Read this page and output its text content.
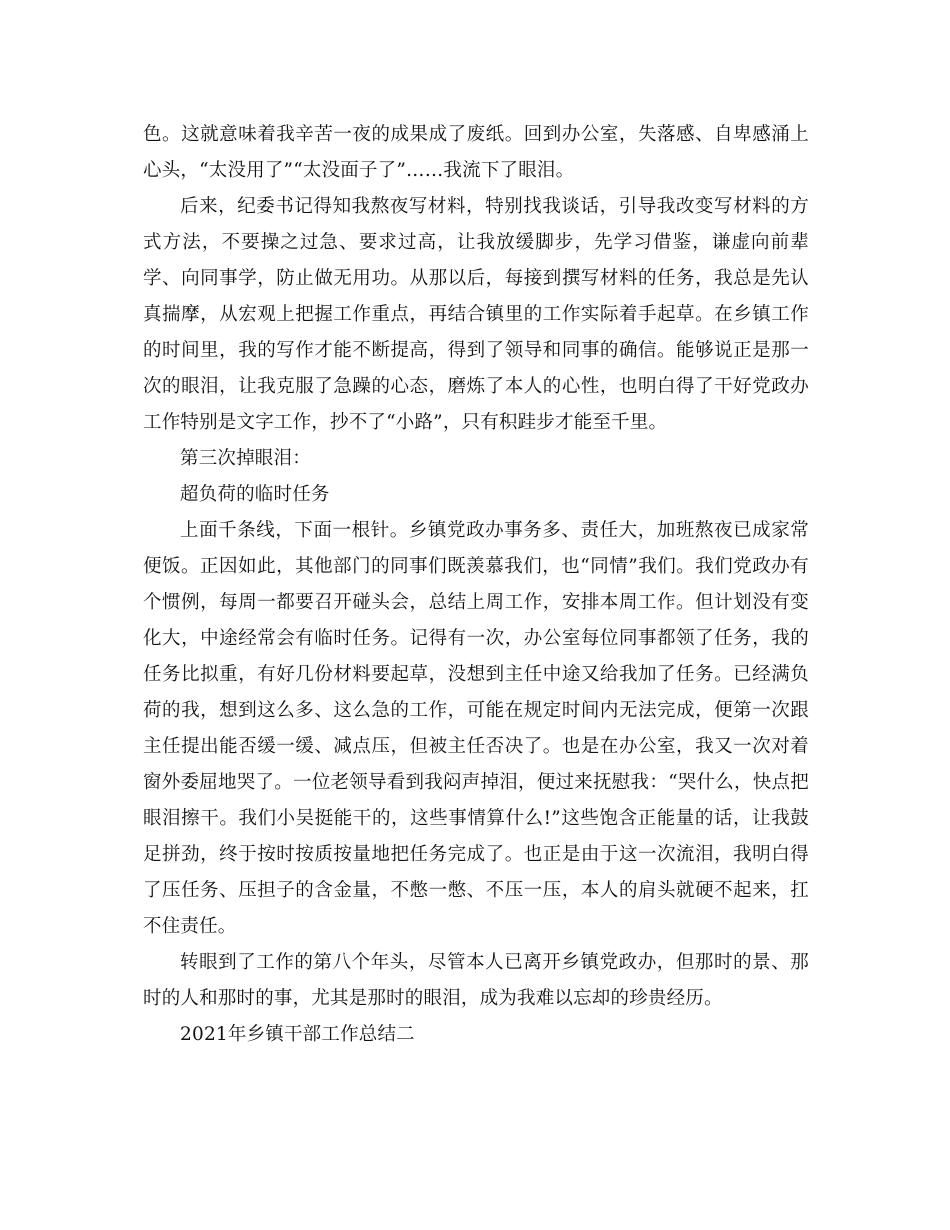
色。这就意味着我辛苦一夜的成果成了废纸。回到办公室，失落感、自卑感涌上心头，“太没用了”“太没面子了”……我流下了眼泪。

后来，纪委书记得知我熬夜写材料，特别找我谈话，引导我改变写材料的方式方法，不要操之过急、要求过高，让我放缓脚步，先学习借鉴，谦虚向前辈学、向同事学，防止做无用功。从那以后，每接到撰写材料的任务，我总是先认真揣摩，从宏观上把握工作重点，再结合镇里的工作实际着手起草。在乡镇工作的时间里，我的写作才能不断提高，得到了领导和同事的确信。能够说正是那一次的眼泪，让我克服了急躁的心态，磨炼了本人的心性，也明白得了干好党政办工作特别是文字工作，抄不了“小路”，只有积跬步才能至千里。

第三次掉眼泪：

超负荷的临时任务

上面千条线，下面一根针。乡镇党政办事务多、责任大，加班熬夜已成家常便饭。正因如此，其他部门的同事们既羡慕我们，也“同情”我们。我们党政办有个惯例，每周一都要召开碰头会，总结上周工作，安排本周工作。但计划没有变化大，中途经常会有临时任务。记得有一次，办公室每位同事都领了任务，我的任务比拟重，有好几份材料要起草，没想到主任中途又给我加了任务。已经满负荷的我，想到这么多、这么急的工作，可能在规定时间内无法完成，便第一次跟主任提出能否缓一缓、减点压，但被主任否决了。也是在办公室，我又一次对着窗外委屈地哭了。一位老领导看到我闷声掉泪，便过来抚慰我：“哭什么，快点把眼泪擦干。我们小吴挺能干的，这些事情算什么!”这些饱含正能量的话，让我鼓足拼劲，终于按时按质按量地把任务完成了。也正是由于这一次流泪，我明白得了压任务、压担子的含金量，不憋一憋、不压一压，本人的肩头就硬不起来，扛不住责任。

转眼到了工作的第八个年头，尽管本人已离开乡镇党政办，但那时的景、那时的人和那时的事，尤其是那时的眼泪，成为我难以忘却的珍贵经历。

2021年乡镇干部工作总结二
